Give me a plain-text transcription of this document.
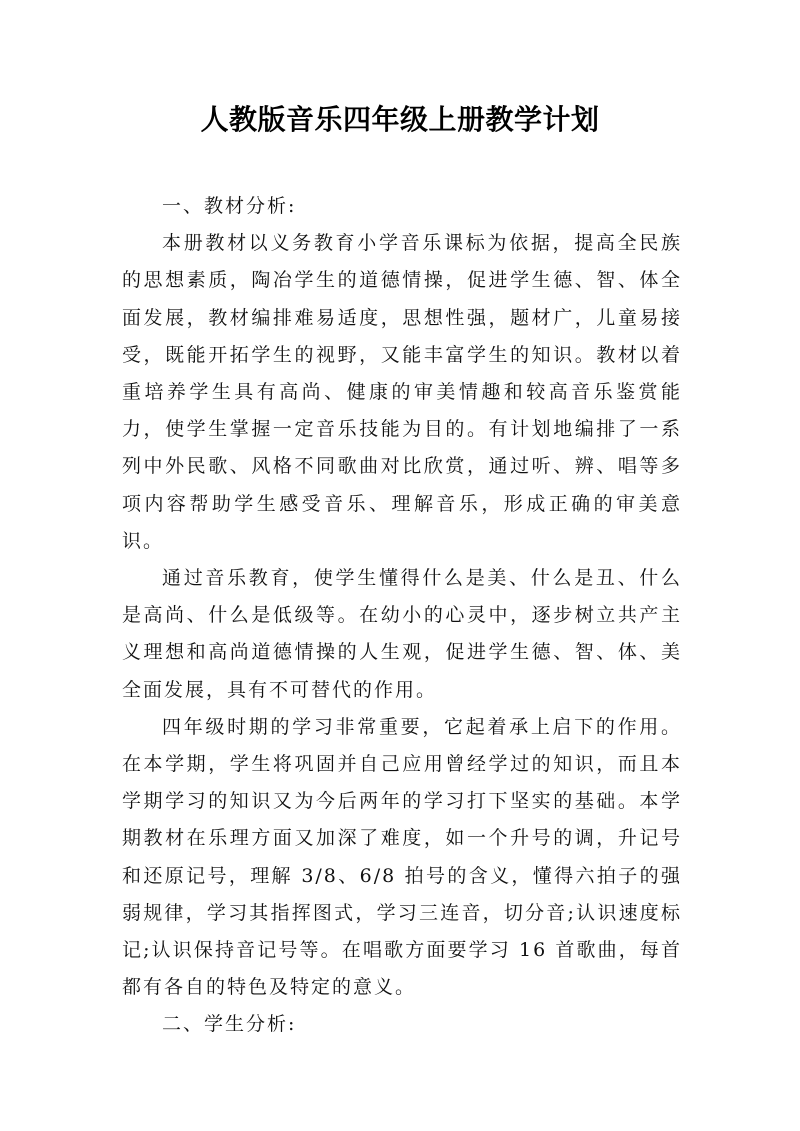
人教版音乐四年级上册教学计划

一、教材分析:

本册教材以义务教育小学音乐课标为依据，提高全民族的思想素质，陶冶学生的道德情操，促进学生德、智、体全面发展，教材编排难易适度，思想性强，题材广，儿童易接受，既能开拓学生的视野，又能丰富学生的知识。教材以着重培养学生具有高尚、健康的审美情趣和较高音乐鉴赏能力，使学生掌握一定音乐技能为目的。有计划地编排了一系列中外民歌、风格不同歌曲对比欣赏，通过听、辨、唱等多项内容帮助学生感受音乐、理解音乐，形成正确的审美意识。

通过音乐教育，使学生懂得什么是美、什么是丑、什么是高尚、什么是低级等。在幼小的心灵中，逐步树立共产主义理想和高尚道德情操的人生观，促进学生德、智、体、美全面发展，具有不可替代的作用。

四年级时期的学习非常重要，它起着承上启下的作用。在本学期，学生将巩固并自己应用曾经学过的知识，而且本学期学习的知识又为今后两年的学习打下坚实的基础。本学期教材在乐理方面又加深了难度，如一个升号的调，升记号和还原记号，理解 3/8、6/8 拍号的含义，懂得六拍子的强弱规律，学习其指挥图式，学习三连音，切分音;认识速度标记;认识保持音记号等。在唱歌方面要学习 16 首歌曲，每首都有各自的特色及特定的意义。

二、学生分析:
